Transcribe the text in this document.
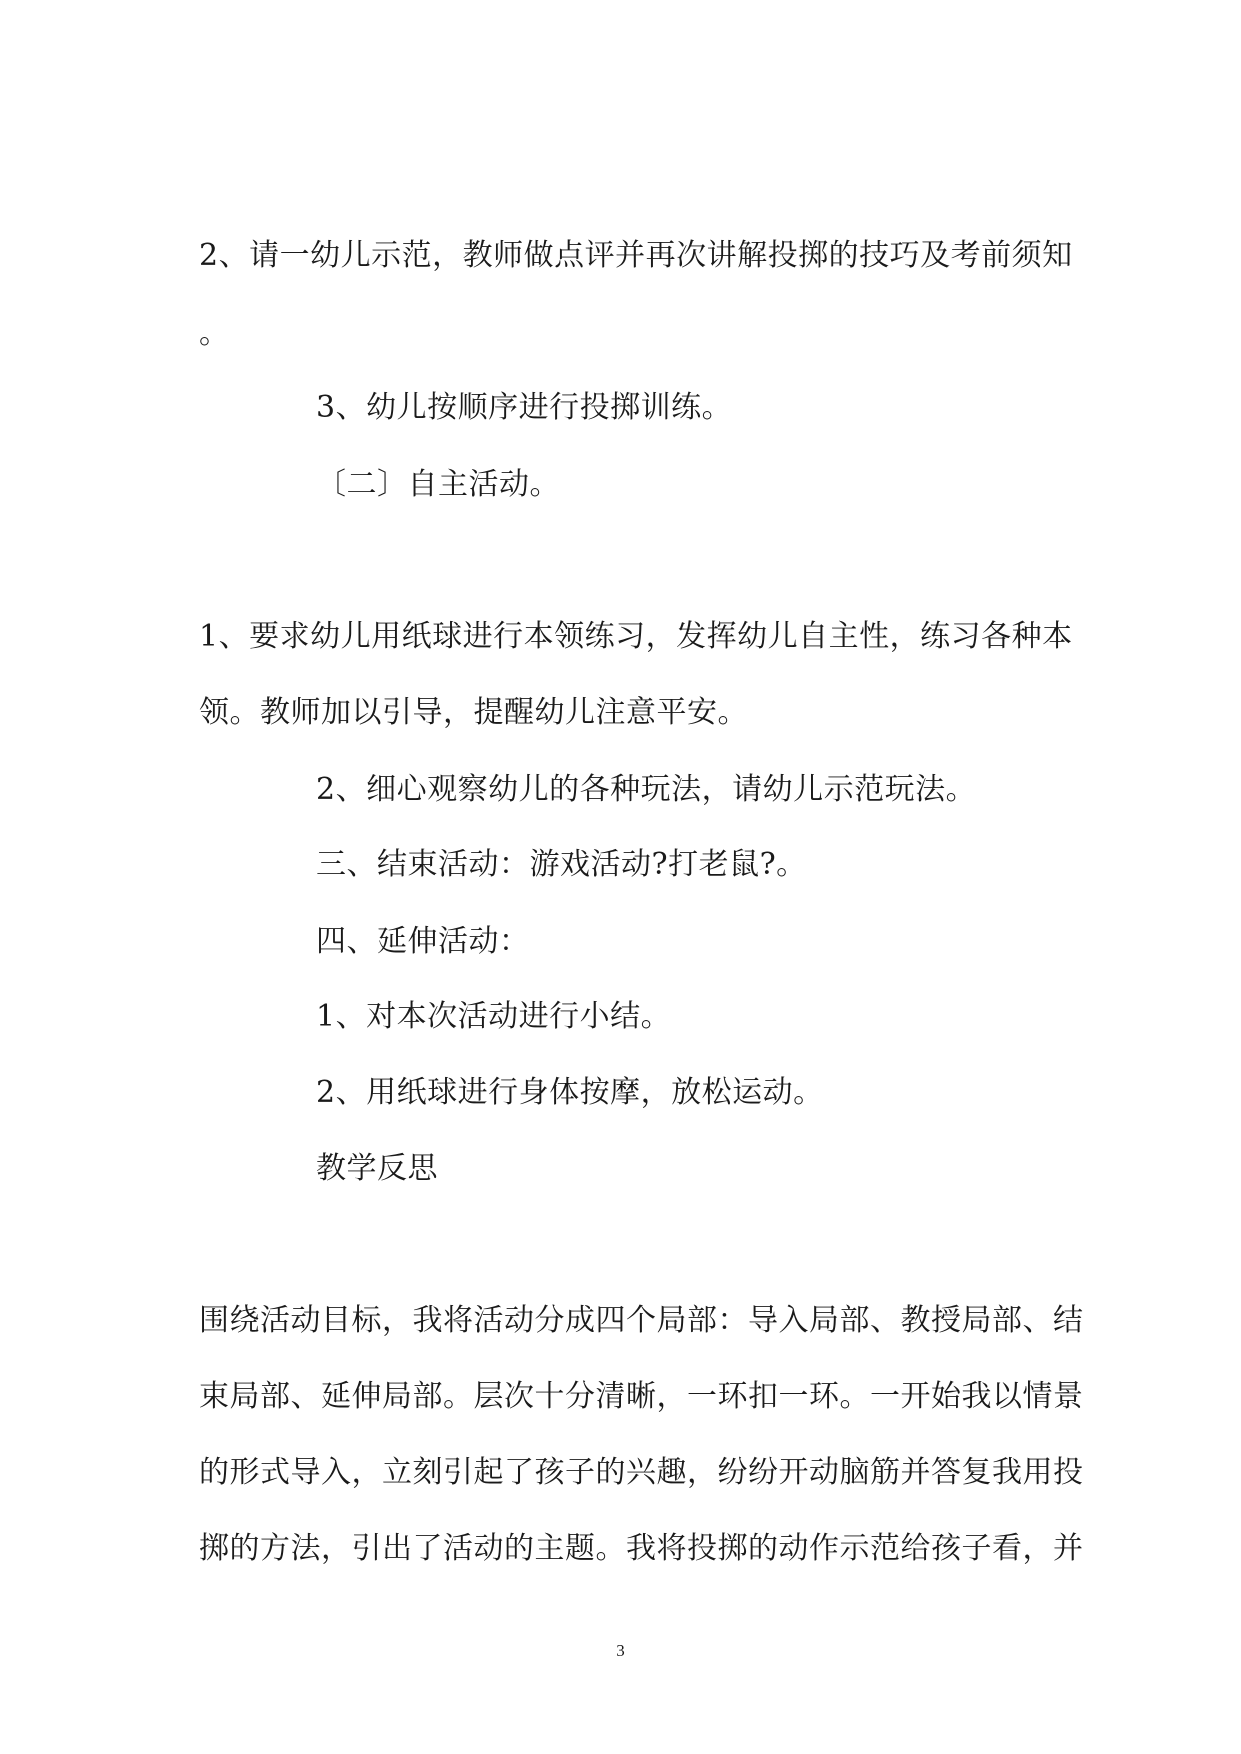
2、请一幼儿示范，教师做点评并再次讲解投掷的技巧及考前须知

。

3、幼儿按顺序进行投掷训练。

〔二〕自主活动。

1、要求幼儿用纸球进行本领练习，发挥幼儿自主性，练习各种本

领。教师加以引导，提醒幼儿注意平安。

2、细心观察幼儿的各种玩法，请幼儿示范玩法。

三、结束活动：游戏活动?打老鼠?。

四、延伸活动：

1、对本次活动进行小结。

2、用纸球进行身体按摩，放松运动。

教学反思

围绕活动目标，我将活动分成四个局部：导入局部、教授局部、结

束局部、延伸局部。层次十分清晰，一环扣一环。一开始我以情景

的形式导入，立刻引起了孩子的兴趣，纷纷开动脑筋并答复我用投

掷的方法，引出了活动的主题。我将投掷的动作示范给孩子看，并

3
